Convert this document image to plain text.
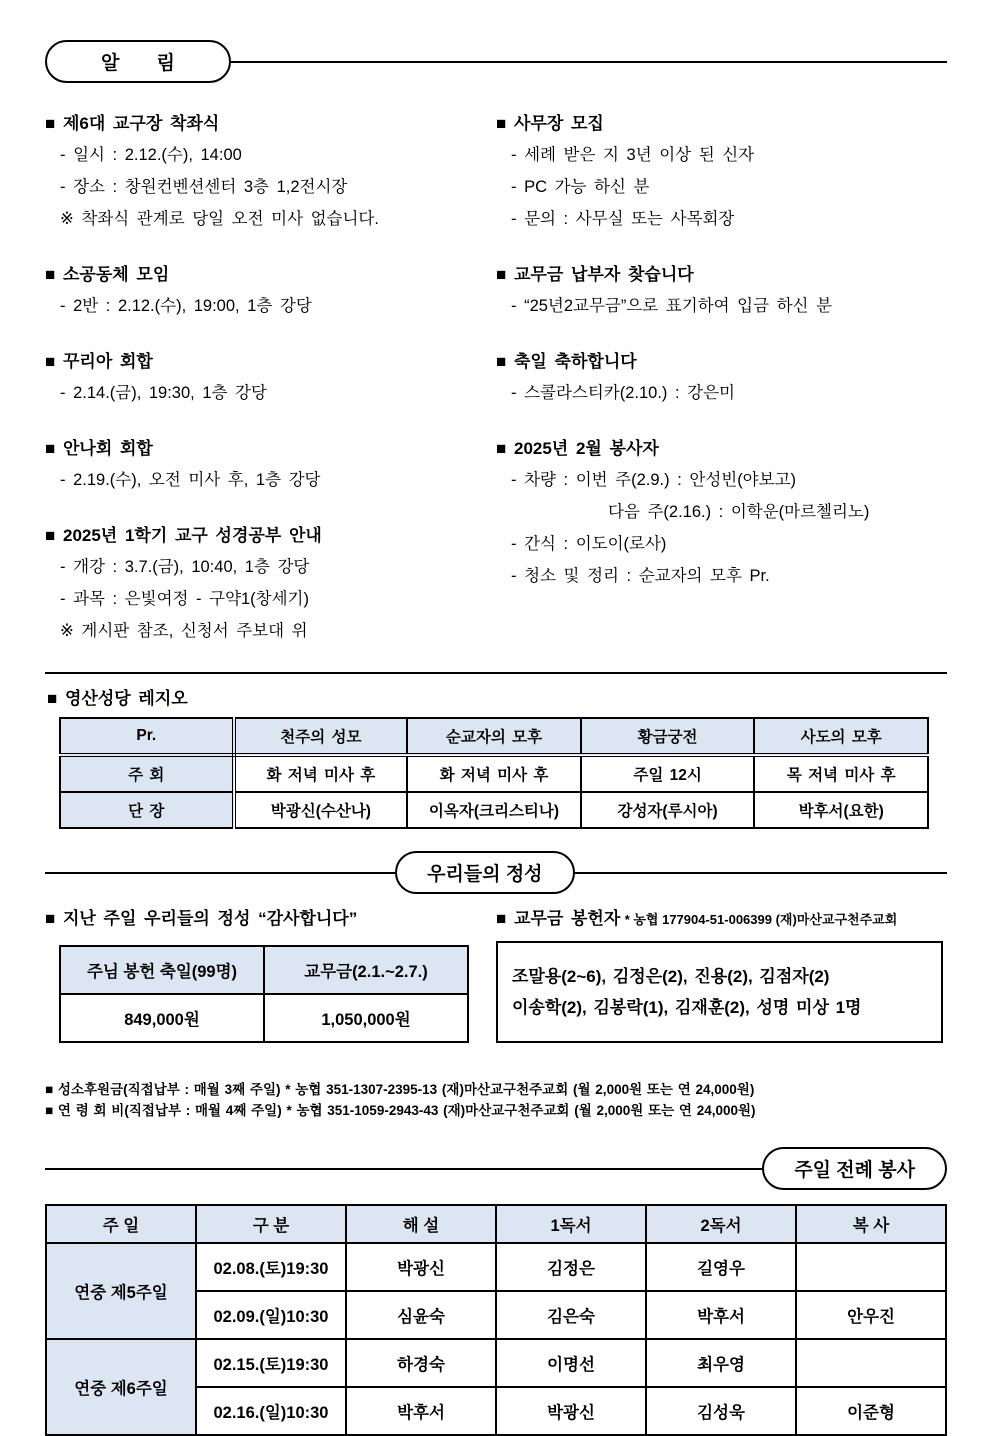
알 림
■ 제6대 교구장 착좌식
- 일시 : 2.12.(수), 14:00
- 장소 : 창원컨벤션센터 3층 1,2전시장
※ 착좌식 관계로 당일 오전 미사 없습니다.
■ 소공동체 모임
- 2반 : 2.12.(수), 19:00, 1층 강당
■ 꾸리아 회합
- 2.14.(금), 19:30, 1층 강당
■ 안나회 회합
- 2.19.(수), 오전 미사 후, 1층 강당
■ 2025년 1학기 교구 성경공부 안내
- 개강 : 3.7.(금), 10:40, 1층 강당
- 과목 : 은빛여정 - 구약1(창세기)
※ 게시판 참조, 신청서 주보대 위
■ 사무장 모집
- 세례 받은 지 3년 이상 된 신자
- PC 가능 하신 분
- 문의 : 사무실 또는 사목회장
■ 교무금 납부자 찾습니다
- “25년2교무금”으로 표기하여 입금 하신 분
■ 축일 축하합니다
- 스콜라스티카(2.10.) : 강은미
■ 2025년 2월 봉사자
- 차량 : 이번 주(2.9.) : 안성빈(야보고)
다음 주(2.16.) : 이학운(마르첼리노)
- 간식 : 이도이(로사)
- 청소 및 정리 : 순교자의 모후 Pr.
■ 영산성당 레지오
Pr.	천주의 성모	순교자의 모후	황금궁전	사도의 모후
주 회	화 저녁 미사 후	화 저녁 미사 후	주일 12시	목 저녁 미사 후
단 장	박광신(수산나)	이옥자(크리스티나)	강성자(루시아)	박후서(요한)
우리들의 정성
■ 지난 주일 우리들의 정성 “감사합니다”
주님 봉헌 축일(99명)	교무금(2.1.~2.7.)
849,000원	1,050,000원
■ 교무금 봉헌자 * 농협 177904-51-006399 (재)마산교구천주교회
조말용(2~6), 김정은(2), 진용(2), 김점자(2)
이송학(2), 김봉락(1), 김재훈(2), 성명 미상 1명
■ 성소후원금(직접납부 : 매월 3째 주일) * 농협 351-1307-2395-13 (재)마산교구천주교회 (월 2,000원 또는 연 24,000원)
■ 연 령 회 비(직접납부 : 매월 4째 주일) * 농협 351-1059-2943-43 (재)마산교구천주교회 (월 2,000원 또는 연 24,000원)
주일 전례 봉사
주 일	구 분	해 설	1독서	2독서	복 사
연중 제5주일	02.08.(토)19:30	박광신	김정은	길영우	
	02.09.(일)10:30	심윤숙	김은숙	박후서	안우진
연중 제6주일	02.15.(토)19:30	하경숙	이명선	최우영	
	02.16.(일)10:30	박후서	박광신	김성욱	이준형
